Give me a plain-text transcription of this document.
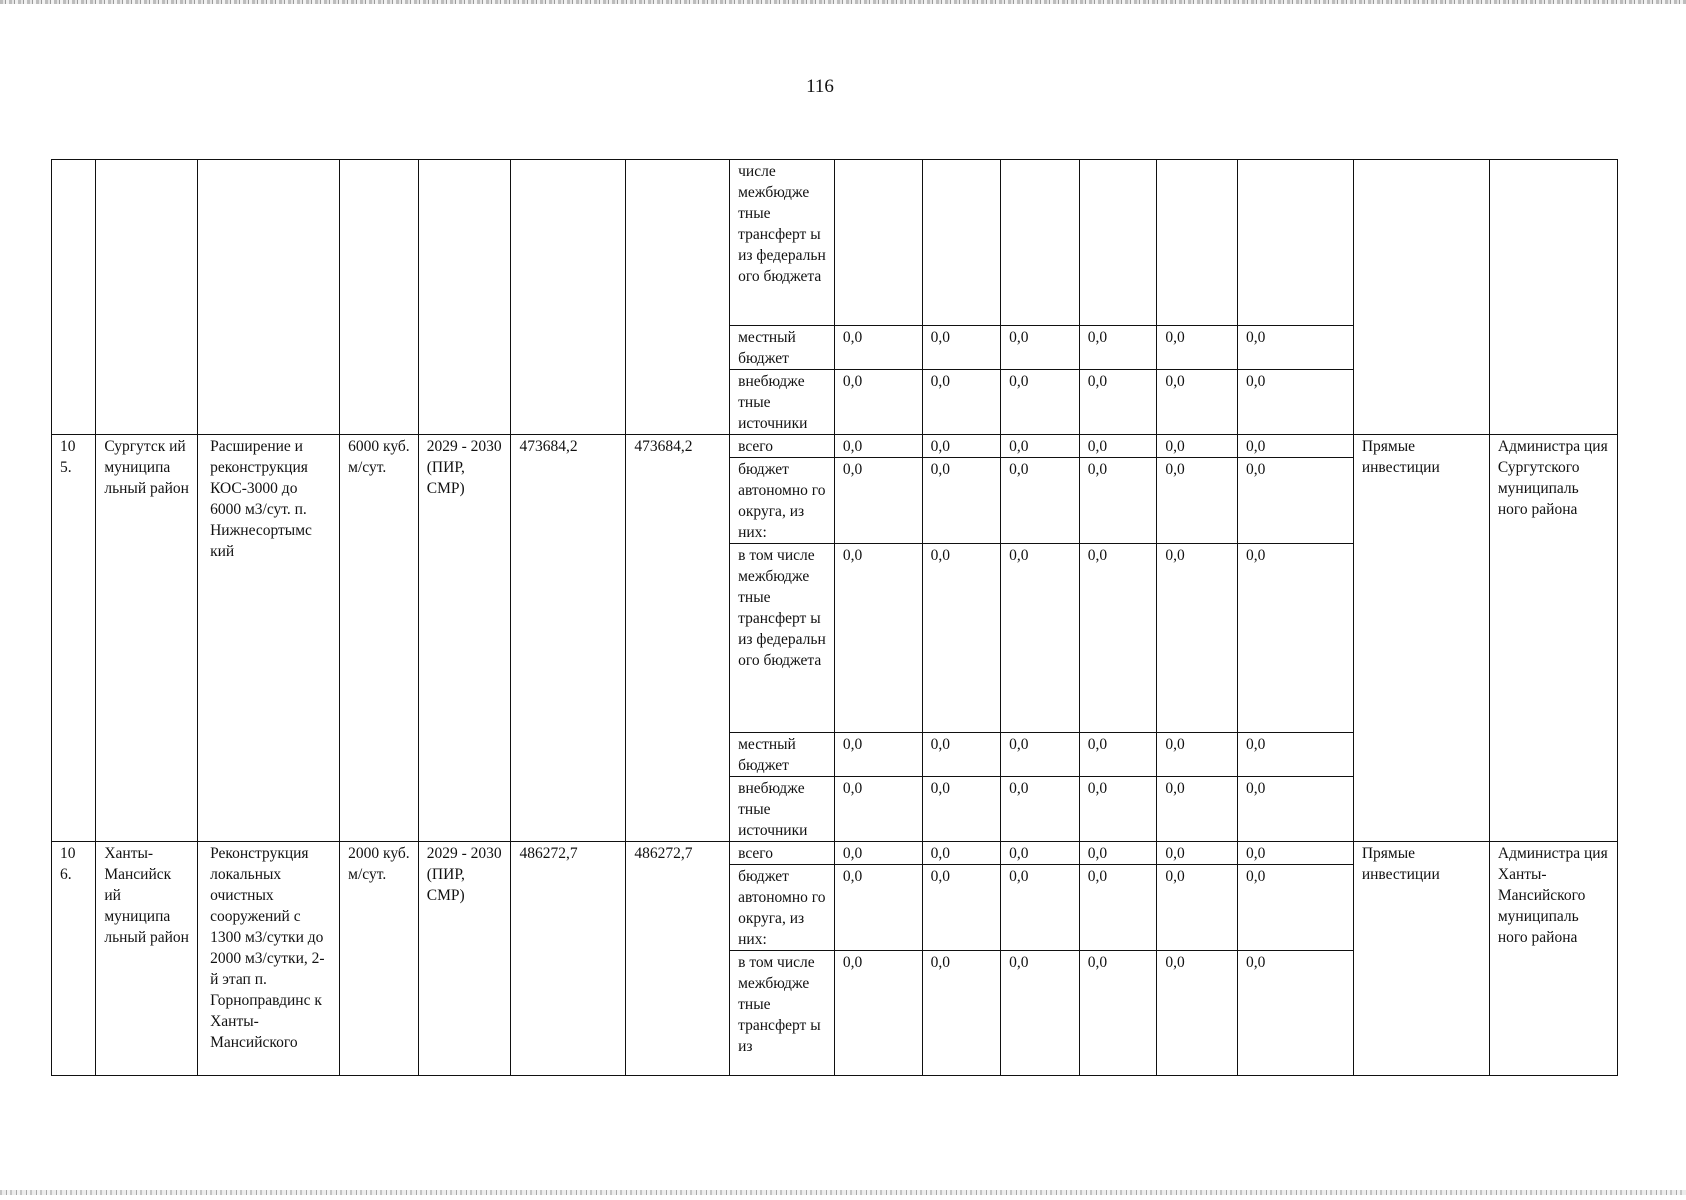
116
							числе межбюдже тные трансферт ы из федеральн ого бюджета								
							местный бюджет	0,0	0,0	0,0	0,0	0,0	0,0		
							внебюдже тные источники	0,0	0,0	0,0	0,0	0,0	0,0		
10 5.	Сургутск ий муниципа льный район	Расширение и реконструкция КОС-3000 до 6000 м3/сут. п. Нижнесортымс кий	6000 куб. м/сут.	2029 - 2030 (ПИР, СМР)	473684,2	473684,2	всего	0,0	0,0	0,0	0,0	0,0	0,0	Прямые инвестиции	Администра ция Сургутского муниципаль ного района
							бюджет автономно го округа, из них:	0,0	0,0	0,0	0,0	0,0	0,0		
							в том числе межбюдже тные трансферт ы из федеральн ого бюджета	0,0	0,0	0,0	0,0	0,0	0,0		
							местный бюджет	0,0	0,0	0,0	0,0	0,0	0,0		
							внебюдже тные источники	0,0	0,0	0,0	0,0	0,0	0,0		
10 6.	Ханты- Мансийск ий муниципа льный район	Реконструкция локальных очистных сооружений с 1300 м3/сутки до 2000 м3/сутки, 2-й этап п. Горноправдинс к Ханты- Мансийского	2000 куб. м/сут.	2029 - 2030 (ПИР, СМР)	486272,7	486272,7	всего	0,0	0,0	0,0	0,0	0,0	0,0	Прямые инвестиции	Администра ция Ханты- Мансийского муниципаль ного района
							бюджет автономно го округа, из них:	0,0	0,0	0,0	0,0	0,0	0,0		
							в том числе межбюдже тные трансферт ы из	0,0	0,0	0,0	0,0	0,0	0,0		
